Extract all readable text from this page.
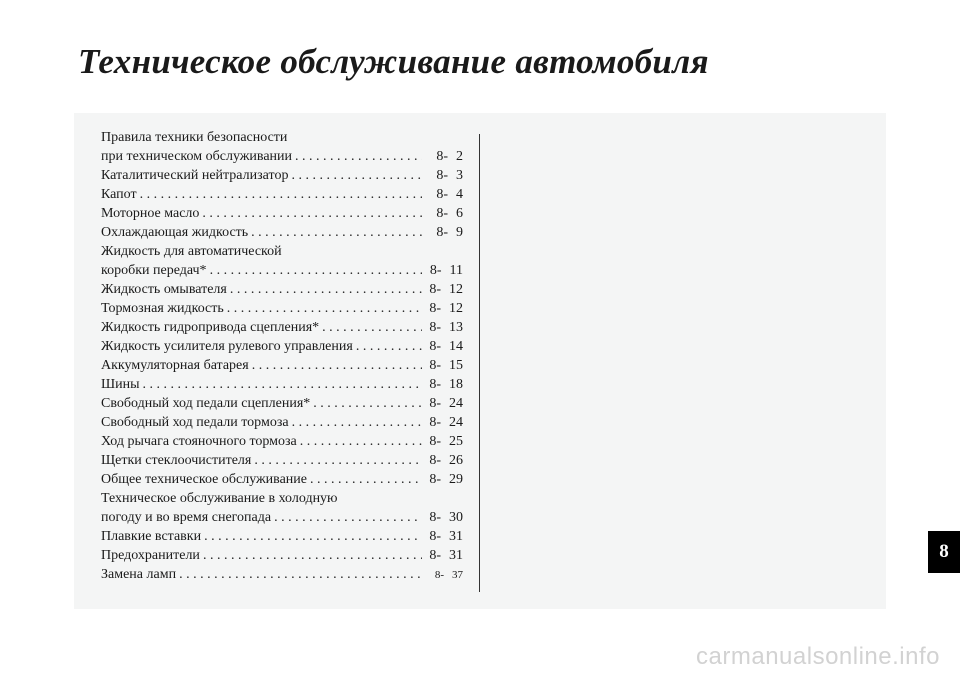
Техническое обслуживание автомобиля
Правила техники безопасности
при техническом обслуживании . . .	8- 2
Каталитический нейтрализатор . . .	8- 3
Капот . . .	8- 4
Моторное масло . . .	8- 6
Охлаждающая жидкость . . .	8- 9
Жидкость для автоматической
коробки передач* . . .	8- 11
Жидкость омывателя . . .	8- 12
Тормозная жидкость . . .	8- 12
Жидкость гидропривода сцепления* . . .	8- 13
Жидкость усилителя рулевого управления . . .	8- 14
Аккумуляторная батарея . . .	8- 15
Шины . . .	8- 18
Свободный ход педали сцепления* . . .	8- 24
Свободный ход педали тормоза . . .	8- 24
Ход рычага стояночного тормоза . . .	8- 25
Щетки стеклоочистителя . . .	8- 26
Общее техническое обслуживание . . .	8- 29
Техническое обслуживание в холодную
погоду и во время снегопада . . .	8- 30
Плавкие вставки . . .	8- 31
Предохранители . . .	8- 31
Замена ламп . . .	8- 37
8
carmanualsonline.info
